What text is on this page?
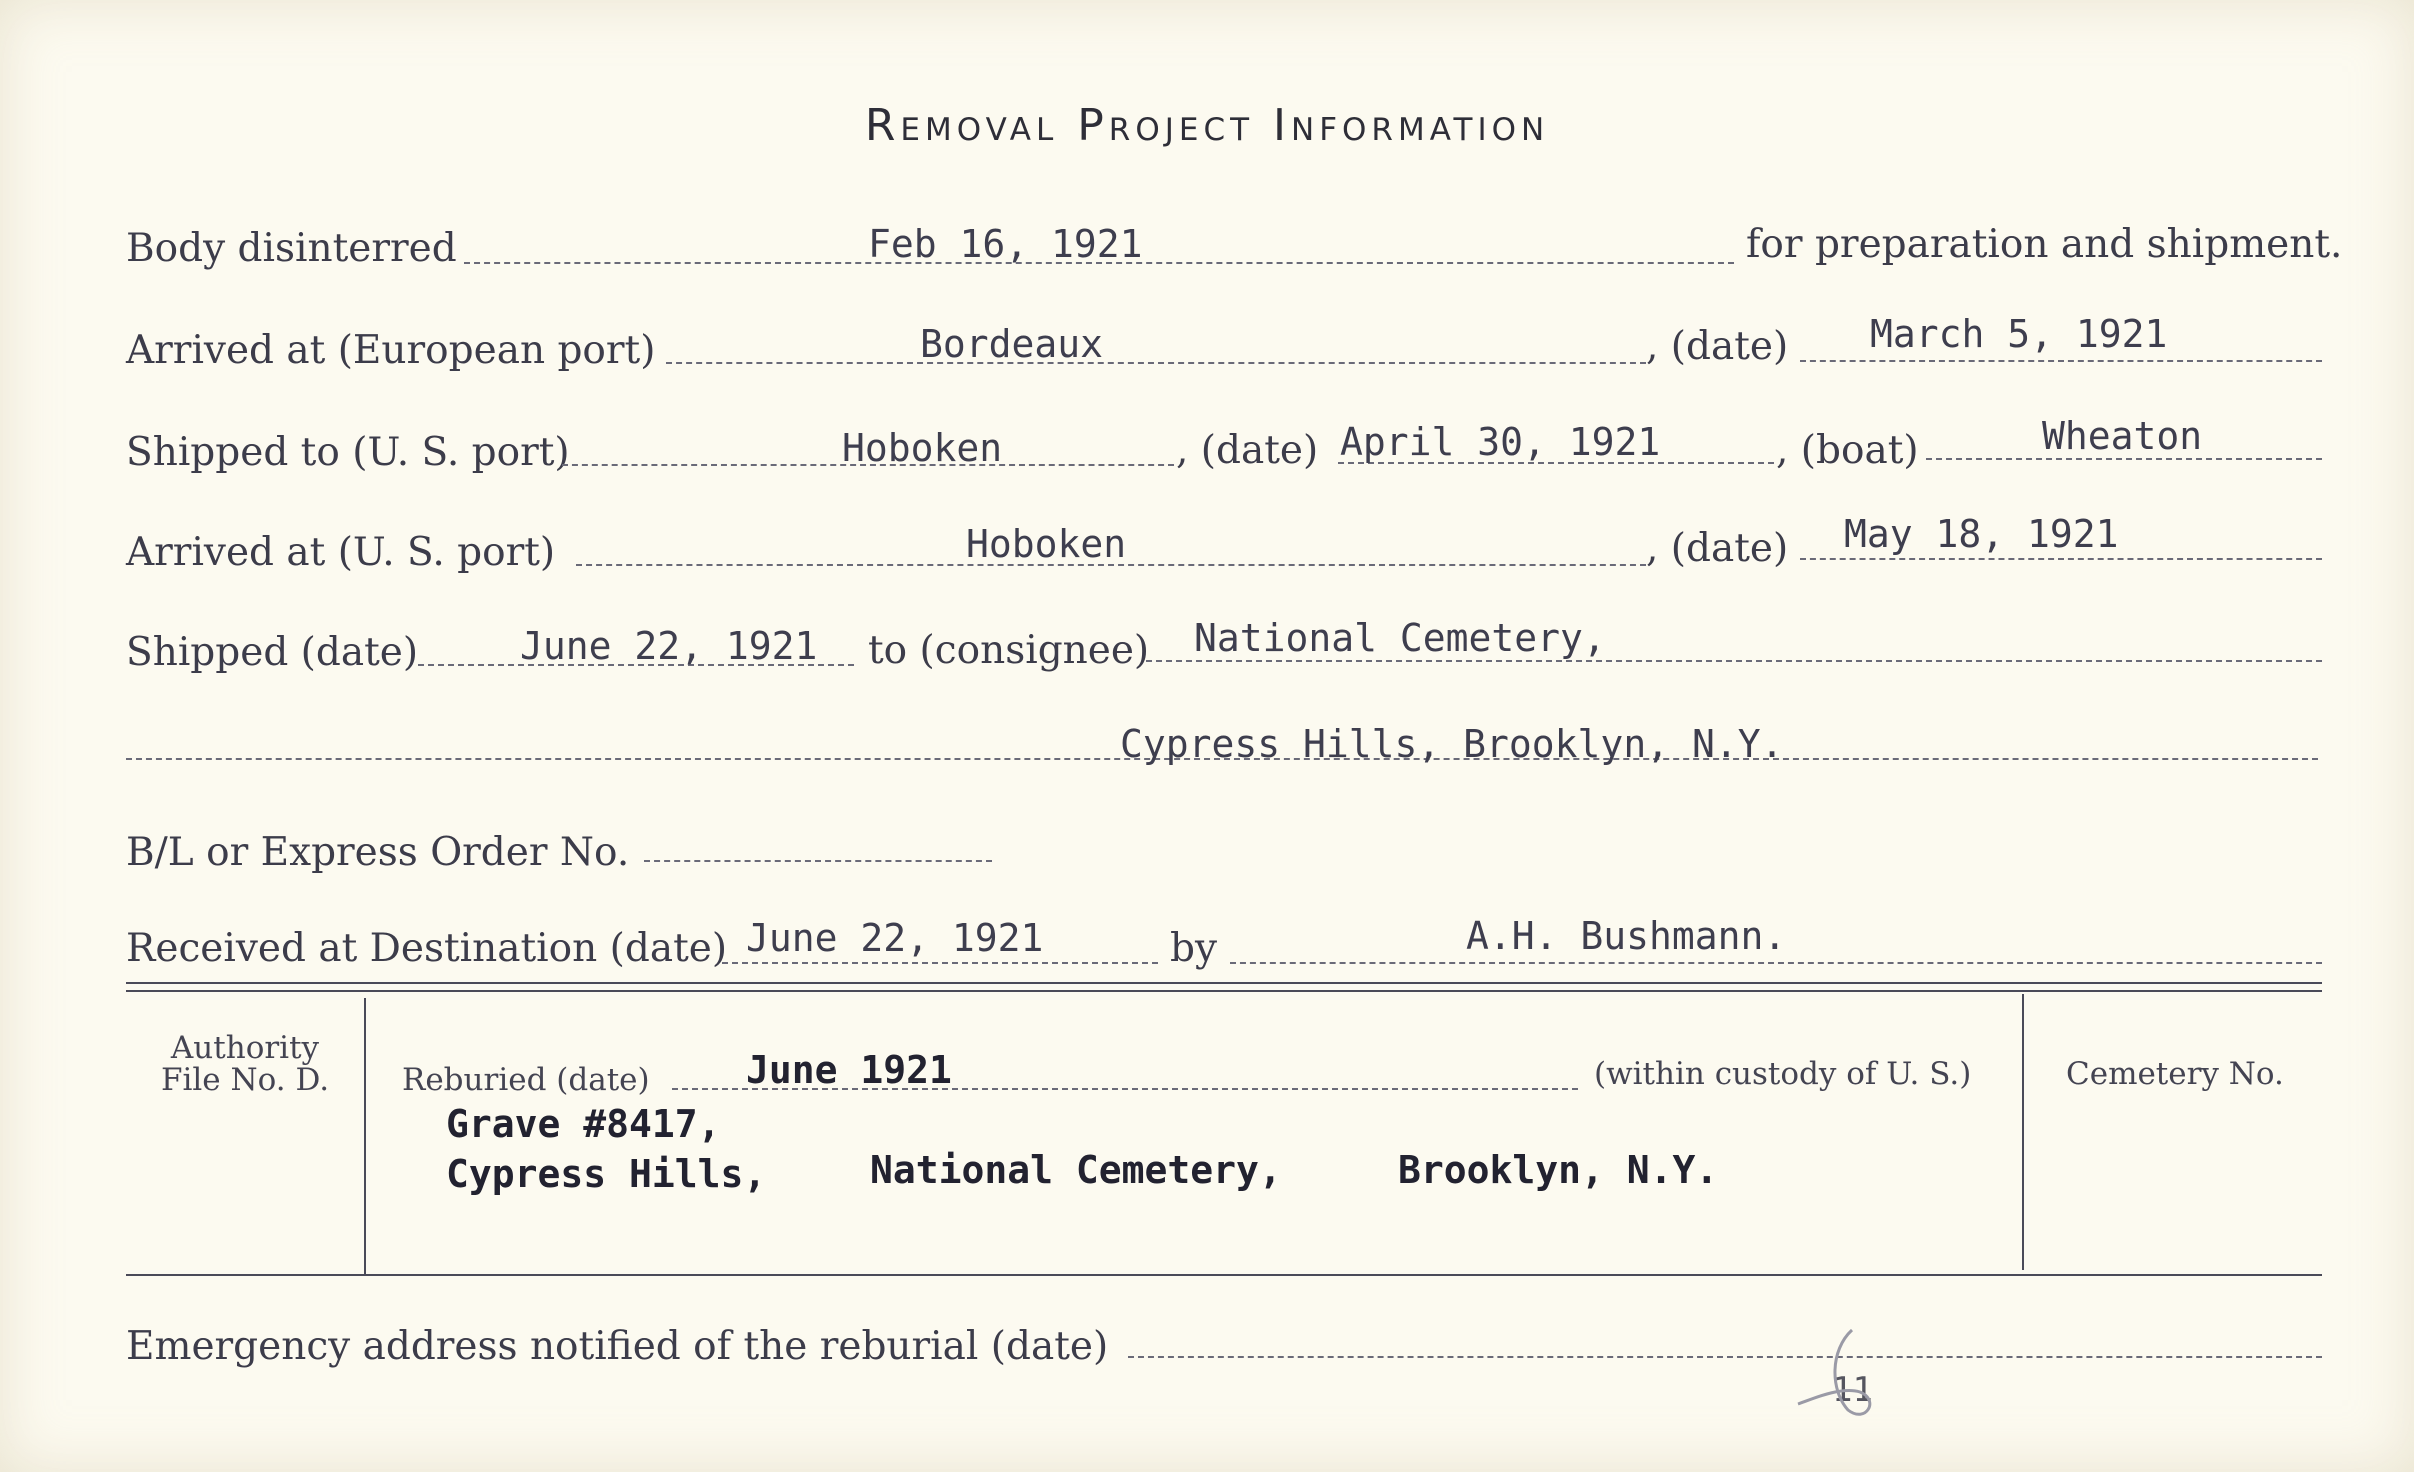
Removal Project Information
Body disinterred	Feb 16, 1921	for preparation and shipment.
Arrived at (European port)	Bordeaux	, (date) March 5, 1921
Shipped to (U. S. port)	Hoboken	, (date) April 30, 1921	, (boat)	Wheaton
Arrived at (U. S. port)	Hoboken	, (date) May 18, 1921
Shipped (date)	June 22, 1921 to (consignee) National Cemetery,
Cypress Hills, Brooklyn, N.Y.
B/L or Express Order No.
Received at Destination (date) June 22, 1921	by	A.H. Bushmann.
Authority
File No. D.	Reburied (date)	June 1921	(within custody of U. S.)	Cemetery No.
Grave #8417,
Cypress Hills,	National Cemetery,	Brooklyn, N.Y.
Emergency address notified of the reburial (date)
11
